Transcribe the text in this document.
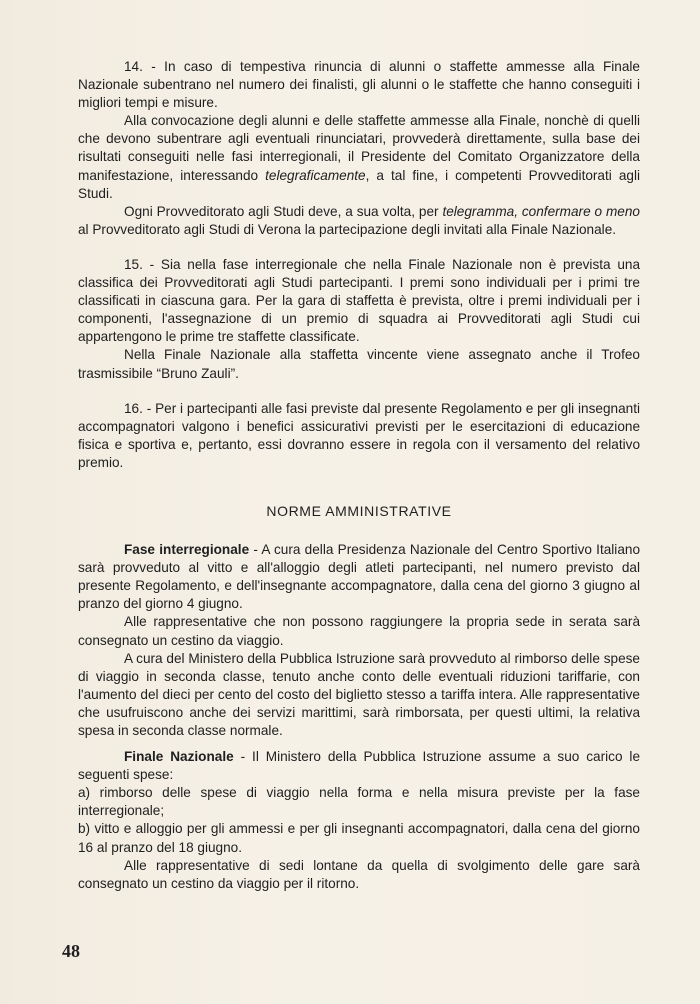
14. - In caso di tempestiva rinuncia di alunni o staffette ammesse alla Finale Nazionale subentrano nel numero dei finalisti, gli alunni o le staffette che hanno conseguiti i migliori tempi e misure.

Alla convocazione degli alunni e delle staffette ammesse alla Finale, nonchè di quelli che devono subentrare agli eventuali rinunciatari, provvederà direttamente, sulla base dei risultati conseguiti nelle fasi interregionali, il Presidente del Comitato Organizzatore della manifestazione, interessando telegraficamente, a tal fine, i competenti Provveditorati agli Studi.

Ogni Provveditorato agli Studi deve, a sua volta, per telegramma, confermare o meno al Provveditorato agli Studi di Verona la partecipazione degli invitati alla Finale Nazionale.

15. - Sia nella fase interregionale che nella Finale Nazionale non è prevista una classifica dei Provveditorati agli Studi partecipanti. I premi sono individuali per i primi tre classificati in ciascuna gara. Per la gara di staffetta è prevista, oltre i premi individuali per i componenti, l'assegnazione di un premio di squadra ai Provveditorati agli Studi cui appartengono le prime tre staffette classificate.

Nella Finale Nazionale alla staffetta vincente viene assegnato anche il Trofeo trasmissibile “Bruno Zauli”.

16. - Per i partecipanti alle fasi previste dal presente Regolamento e per gli insegnanti accompagnatori valgono i benefici assicurativi previsti per le esercitazioni di educazione fisica e sportiva e, pertanto, essi dovranno essere in regola con il versamento del relativo premio.

NORME AMMINISTRATIVE

Fase interregionale - A cura della Presidenza Nazionale del Centro Sportivo Italiano sarà provveduto al vitto e all'alloggio degli atleti partecipanti, nel numero previsto dal presente Regolamento, e dell'insegnante accompagnatore, dalla cena del giorno 3 giugno al pranzo del giorno 4 giugno.

Alle rappresentative che non possono raggiungere la propria sede in serata sarà consegnato un cestino da viaggio.

A cura del Ministero della Pubblica Istruzione sarà provveduto al rimborso delle spese di viaggio in seconda classe, tenuto anche conto delle eventuali riduzioni tariffarie, con l'aumento del dieci per cento del costo del biglietto stesso a tariffa intera. Alle rappresentative che usufruiscono anche dei servizi marittimi, sarà rimborsata, per questi ultimi, la relativa spesa in seconda classe normale.

Finale Nazionale - Il Ministero della Pubblica Istruzione assume a suo carico le seguenti spese:

a) rimborso delle spese di viaggio nella forma e nella misura previste per la fase interregionale;

b) vitto e alloggio per gli ammessi e per gli insegnanti accompagnatori, dalla cena del giorno 16 al pranzo del 18 giugno.

Alle rappresentative di sedi lontane da quella di svolgimento delle gare sarà consegnato un cestino da viaggio per il ritorno.

48
